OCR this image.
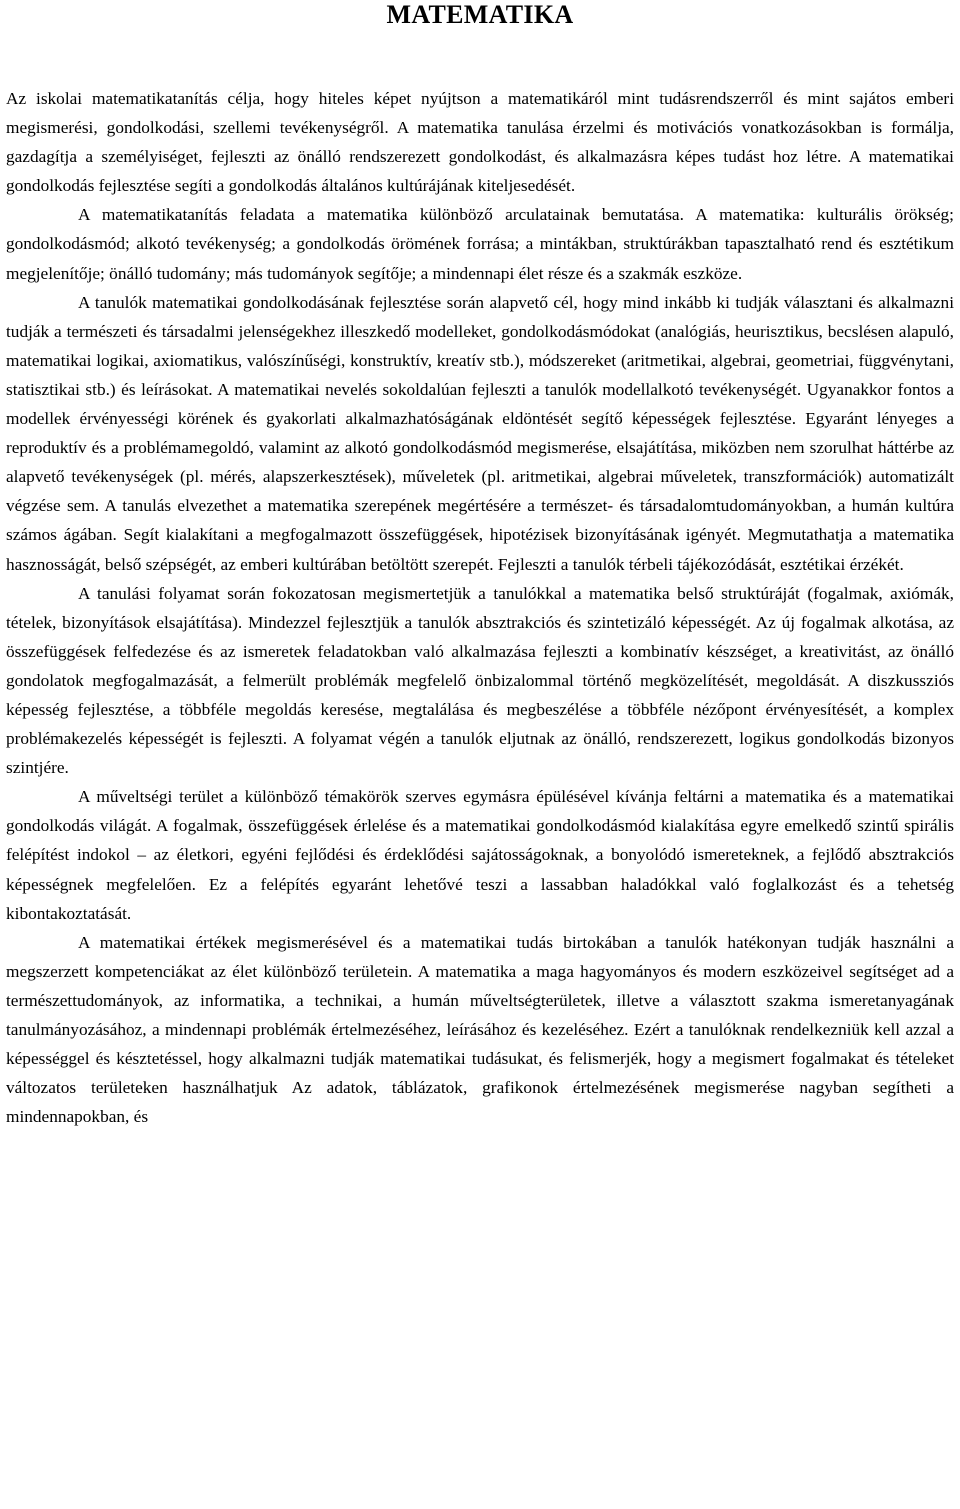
MATEMATIKA

Az iskolai matematikatanítás célja, hogy hiteles képet nyújtson a matematikáról mint tudásrendszerről és mint sajátos emberi megismerési, gondolkodási, szellemi tevékenységről. A matematika tanulása érzelmi és motivációs vonatkozásokban is formálja, gazdagítja a személyiséget, fejleszti az önálló rendszerezett gondolkodást, és alkalmazásra képes tudást hoz létre. A matematikai gondolkodás fejlesztése segíti a gondolkodás általános kultúrájának kiteljesedését.

A matematikatanítás feladata a matematika különböző arculatainak bemutatása. A matematika: kulturális örökség; gondolkodásmód; alkotó tevékenység; a gondolkodás örömének forrása; a mintákban, struktúrákban tapasztalható rend és esztétikum megjelenítője; önálló tudomány; más tudományok segítője; a mindennapi élet része és a szakmák eszköze.

A tanulók matematikai gondolkodásának fejlesztése során alapvető cél, hogy mind inkább ki tudják választani és alkalmazni tudják a természeti és társadalmi jelenségekhez illeszkedő modelleket, gondolkodásmódokat (analógiás, heurisztikus, becslésen alapuló, matematikai logikai, axiomatikus, valószínűségi, konstruktív, kreatív stb.), módszereket (aritmetikai, algebrai, geometriai, függvénytani, statisztikai stb.) és leírásokat. A matematikai nevelés sokoldalúan fejleszti a tanulók modellalkotó tevékenységét. Ugyanakkor fontos a modellek érvényességi körének és gyakorlati alkalmazhatóságának eldöntését segítő képességek fejlesztése. Egyaránt lényeges a reproduktív és a problémamegoldó, valamint az alkotó gondolkodásmód megismerése, elsajátítása, miközben nem szorulhat háttérbe az alapvető tevékenységek (pl. mérés, alapszerkesztések), műveletek (pl. aritmetikai, algebrai műveletek, transzformációk) automatizált végzése sem. A tanulás elvezethet a matematika szerepének megértésére a természet- és társadalomtudományokban, a humán kultúra számos ágában. Segít kialakítani a megfogalmazott összefüggések, hipotézisek bizonyításának igényét. Megmutathatja a matematika hasznosságát, belső szépségét, az emberi kultúrában betöltött szerepét. Fejleszti a tanulók térbeli tájékozódását, esztétikai érzékét.

A tanulási folyamat során fokozatosan megismertetjük a tanulókkal a matematika belső struktúráját (fogalmak, axiómák, tételek, bizonyítások elsajátítása). Mindezzel fejlesztjük a tanulók absztrakciós és szintetizáló képességét. Az új fogalmak alkotása, az összefüggések felfedezése és az ismeretek feladatokban való alkalmazása fejleszti a kombinatív készséget, a kreativitást, az önálló gondolatok megfogalmazását, a felmerült problémák megfelelő önbizalommal történő megközelítését, megoldását. A diszkussziós képesség fejlesztése, a többféle megoldás keresése, megtalálása és megbeszélése a többféle nézőpont érvényesítését, a komplex problémakezelés képességét is fejleszti. A folyamat végén a tanulók eljutnak az önálló, rendszerezett, logikus gondolkodás bizonyos szintjére.

A műveltségi terület a különböző témakörök szerves egymásra épülésével kívánja feltárni a matematika és a matematikai gondolkodás világát. A fogalmak, összefüggések érlelése és a matematikai gondolkodásmód kialakítása egyre emelkedő szintű spirális felépítést indokol – az életkori, egyéni fejlődési és érdeklődési sajátosságoknak, a bonyolódó ismereteknek, a fejlődő absztrakciós képességnek megfelelően. Ez a felépítés egyaránt lehetővé teszi a lassabban haladókkal való foglalkozást és a tehetség kibontakoztatását.

A matematikai értékek megismerésével és a matematikai tudás birtokában a tanulók hatékonyan tudják használni a megszerzett kompetenciákat az élet különböző területein. A matematika a maga hagyományos és modern eszközeivel segítséget ad a természettudományok, az informatika, a technikai, a humán műveltségterületek, illetve a választott szakma ismeretanyagának tanulmányozásához, a mindennapi problémák értelmezéséhez, leírásához és kezeléséhez. Ezért a tanulóknak rendelkezniük kell azzal a képességgel és késztetéssel, hogy alkalmazni tudják matematikai tudásukat, és felismerjék, hogy a megismert fogalmakat és tételeket változatos területeken használhatjuk Az adatok, táblázatok, grafikonok értelmezésének megismerése nagyban segítheti a mindennapokban, és
